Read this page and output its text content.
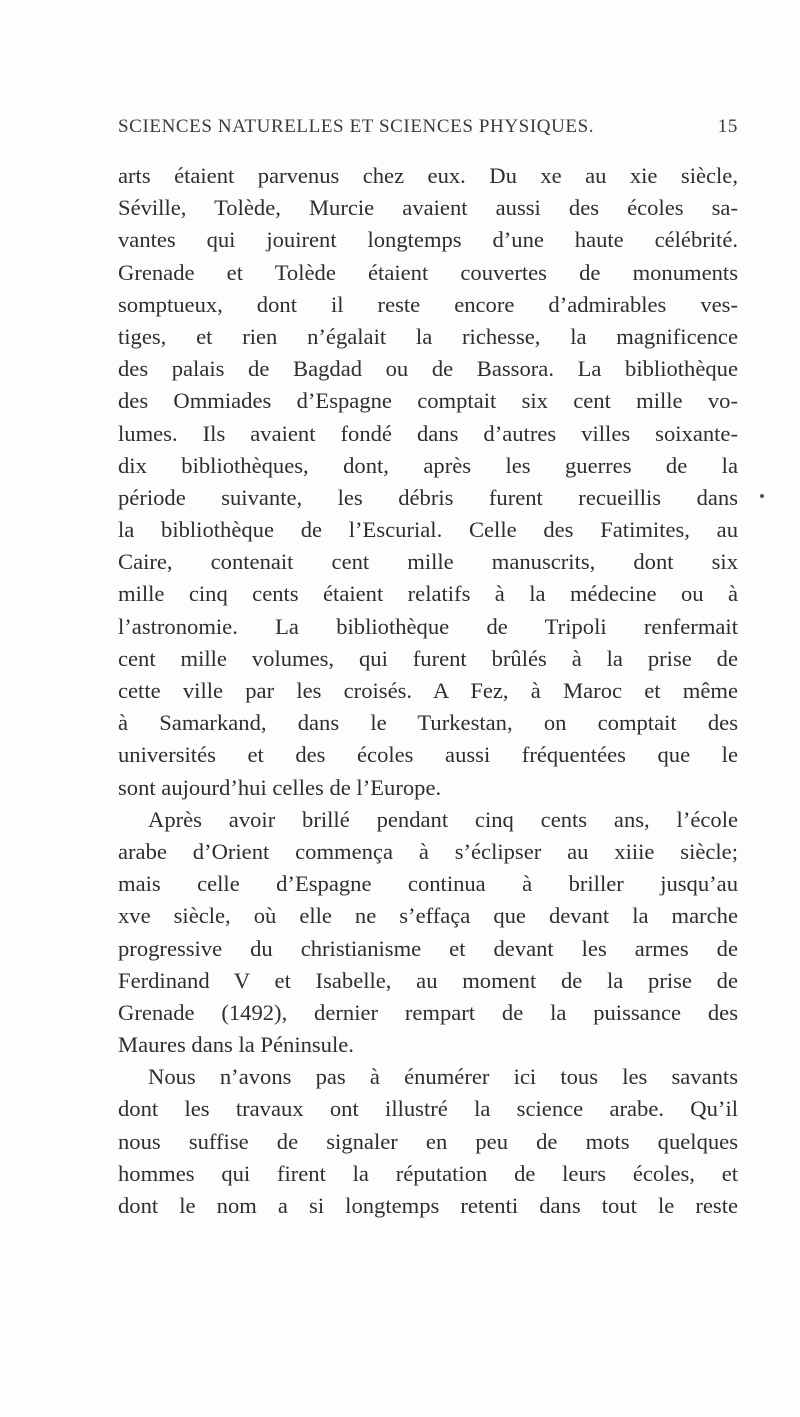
SCIENCES NATURELLES ET SCIENCES PHYSIQUES.	15
arts étaient parvenus chez eux. Du xe au xie siècle,
Séville, Tolède, Murcie avaient aussi des écoles sa-
vantes qui jouirent longtemps d’une haute célébrité.
Grenade et Tolède étaient couvertes de monuments
somptueux, dont il reste encore d’admirables ves-
tiges, et rien n’égalait la richesse, la magnificence
des palais de Bagdad ou de Bassora. La bibliothèque
des Ommiades d’Espagne comptait six cent mille vo-
lumes. Ils avaient fondé dans d’autres villes soixante-
dix bibliothèques, dont, après les guerres de la
période suivante, les débris furent recueillis dans
la bibliothèque de l’Escurial. Celle des Fatimites, au
Caire, contenait cent mille manuscrits, dont six
mille cinq cents étaient relatifs à la médecine ou à
l’astronomie. La bibliothèque de Tripoli renfermait
cent mille volumes, qui furent brûlés à la prise de
cette ville par les croisés. A Fez, à Maroc et même
à Samarkand, dans le Turkestan, on comptait des
universités et des écoles aussi fréquentées que le
sont aujourd’hui celles de l’Europe.
Après avoir brillé pendant cinq cents ans, l’école
arabe d’Orient commença à s’éclipser au xiiie siècle;
mais celle d’Espagne continua à briller jusqu’au
xve siècle, où elle ne s’effaça que devant la marche
progressive du christianisme et devant les armes de
Ferdinand V et Isabelle, au moment de la prise de
Grenade (1492), dernier rempart de la puissance des
Maures dans la Péninsule.
Nous n’avons pas à énumérer ici tous les savants
dont les travaux ont illustré la science arabe. Qu’il
nous suffise de signaler en peu de mots quelques
hommes qui firent la réputation de leurs écoles, et
dont le nom a si longtemps retenti dans tout le reste
